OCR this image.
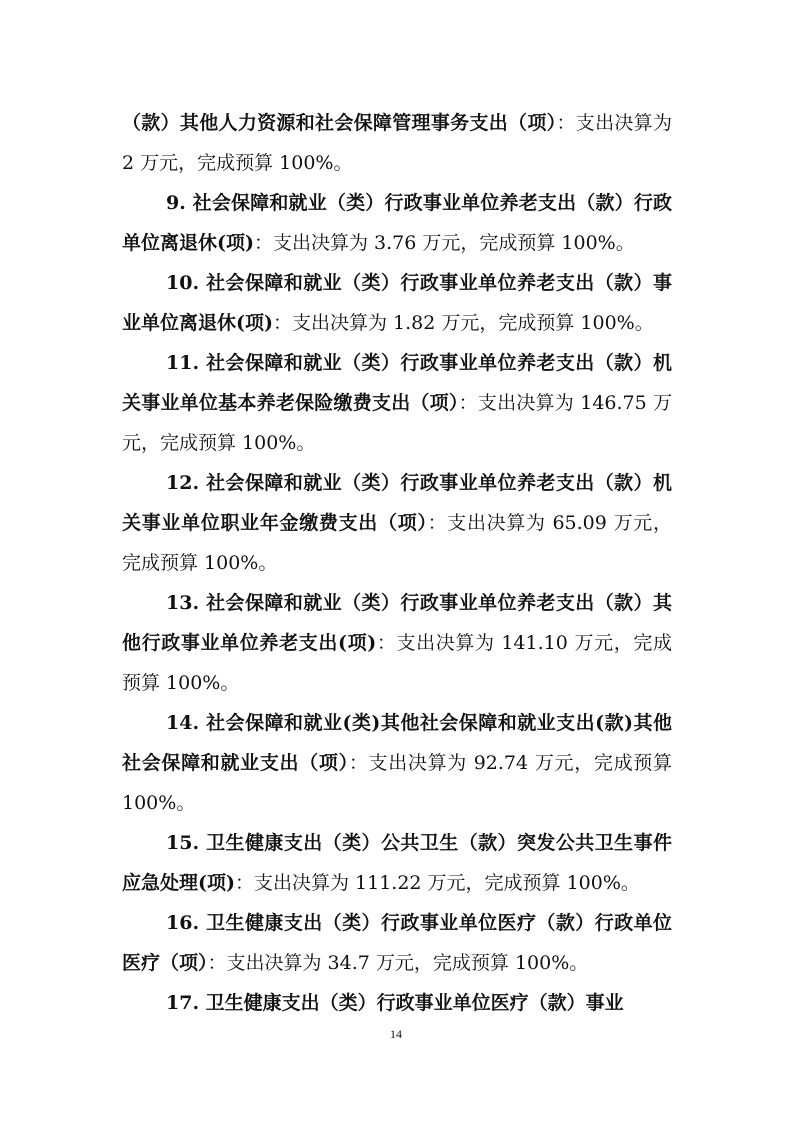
（款）其他人力资源和社会保障管理事务支出（项）：支出决算为 2 万元，完成预算 100%。

9. 社会保障和就业（类）行政事业单位养老支出（款）行政单位离退休(项)：支出决算为 3.76 万元，完成预算 100%。

10. 社会保障和就业（类）行政事业单位养老支出（款）事业单位离退休(项)：支出决算为 1.82 万元，完成预算 100%。

11. 社会保障和就业（类）行政事业单位养老支出（款）机关事业单位基本养老保险缴费支出（项）：支出决算为 146.75 万元，完成预算 100%。

12. 社会保障和就业（类）行政事业单位养老支出（款）机关事业单位职业年金缴费支出（项）：支出决算为 65.09 万元，完成预算 100%。

13. 社会保障和就业（类）行政事业单位养老支出（款）其他行政事业单位养老支出(项)：支出决算为 141.10 万元，完成预算 100%。

14. 社会保障和就业(类)其他社会保障和就业支出(款)其他社会保障和就业支出（项）：支出决算为 92.74 万元，完成预算 100%。

15. 卫生健康支出（类）公共卫生（款）突发公共卫生事件应急处理(项)：支出决算为 111.22 万元，完成预算 100%。

16. 卫生健康支出（类）行政事业单位医疗（款）行政单位医疗（项）：支出决算为 34.7 万元，完成预算 100%。

17. 卫生健康支出（类）行政事业单位医疗（款）事业

14
